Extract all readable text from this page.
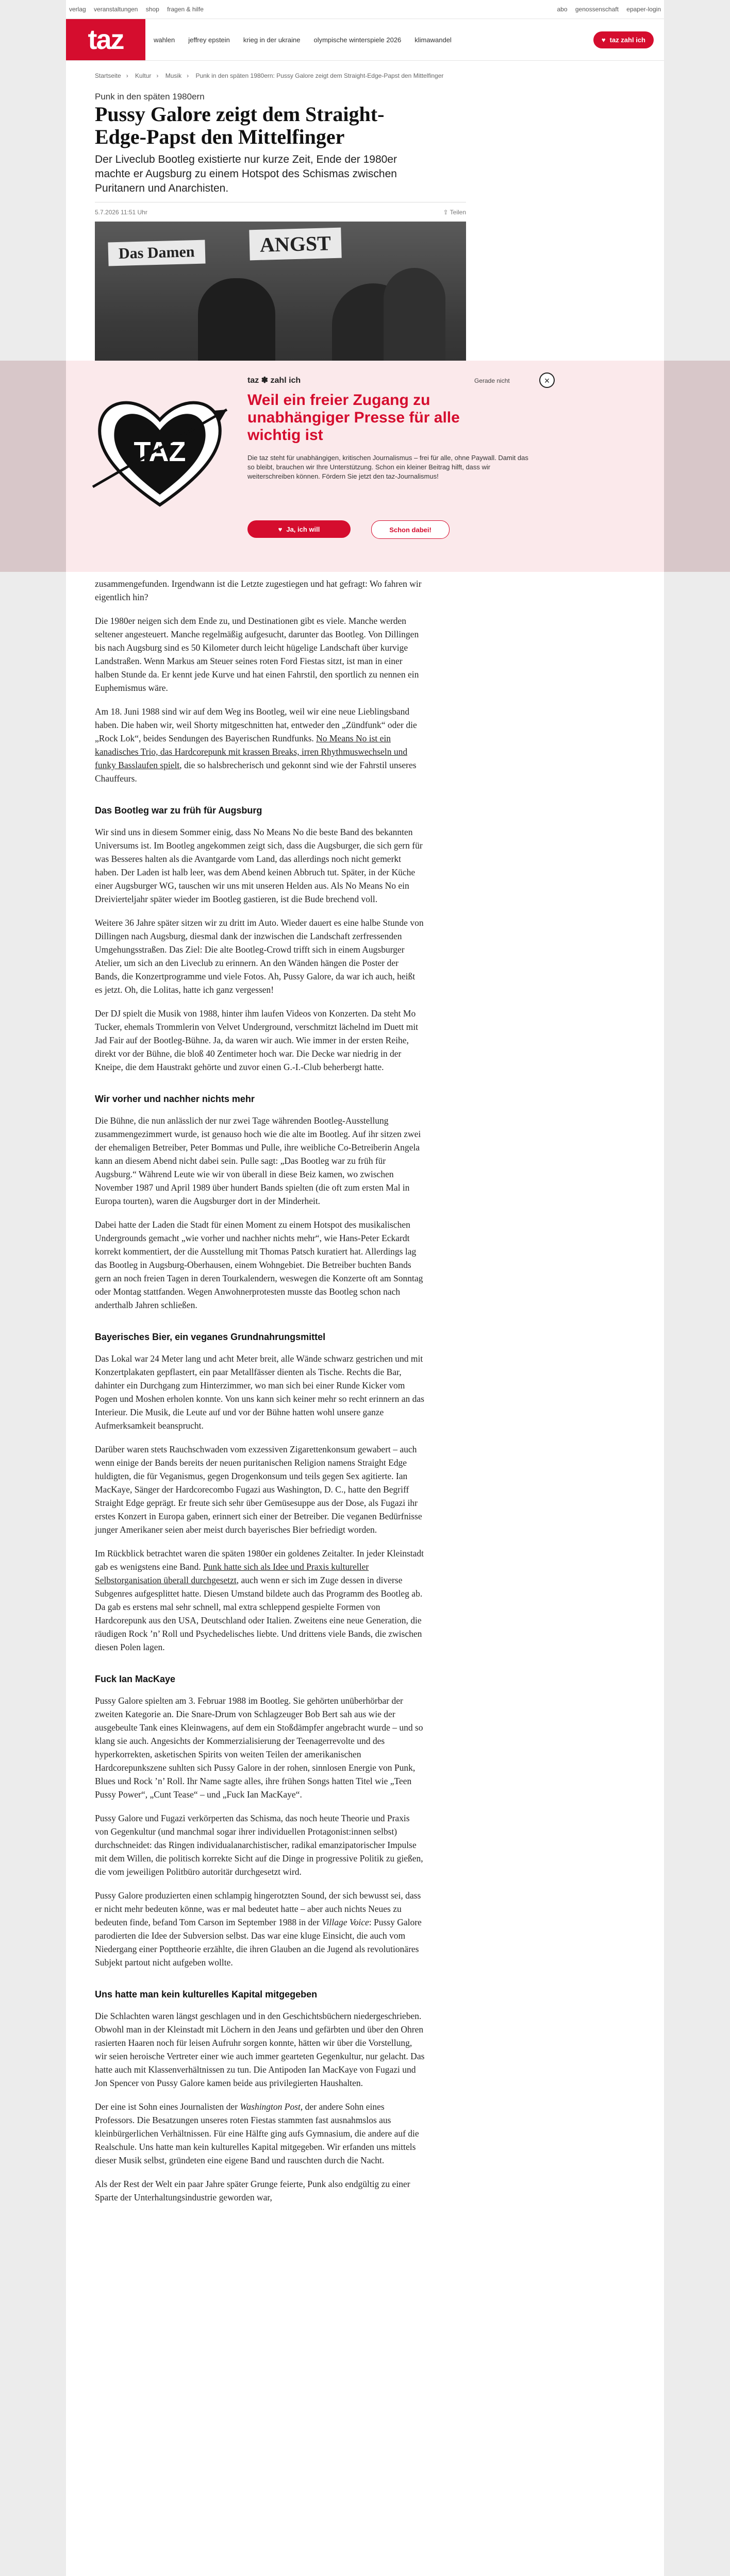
verlag veranstaltungen shop fragen & hilfe	abo genossenschaft epaper-login
taz	wahlen jeffrey epstein krieg in der ukraine olympische winterspiele 2026 klimawandel	♥ taz zahl ich
Startseite › Kultur › Musik › Punk in den späten 1980ern: Pussy Galore zeigt dem Straight-Edge-Papst den Mittelfinger
Punk in den späten 1980ern
Pussy Galore zeigt dem Straight-Edge-Papst den Mittelfinger
Der Liveclub Bootleg existierte nur kurze Zeit, Ende der 1980er machte er Augsburg zu einem Hotspot des Schismas zwischen Puritanern und Anarchisten.
5.7.2026 11:51 Uhr	⇪ Teilen
Das Damen	ANGST

zusammengefunden. Irgendwann ist die Letzte zugestiegen und hat gefragt: Wo fahren wir eigentlich hin?

Die 1980er neigen sich dem Ende zu, und Destinationen gibt es viele. Manche werden seltener angesteuert. Manche regelmäßig aufgesucht, darunter das Bootleg. Von Dillingen bis nach Augsburg sind es 50 Kilometer durch leicht hügelige Landschaft über kurvige Landstraßen. Wenn Markus am Steuer seines roten Ford Fiestas sitzt, ist man in einer halben Stunde da. Er kennt jede Kurve und hat einen Fahrstil, den sportlich zu nennen ein Euphemismus wäre.

Am 18. Juni 1988 sind wir auf dem Weg ins Bootleg, weil wir eine neue Lieblingsband haben. Die haben wir, weil Shorty mitgeschnitten hat, entweder den „Zündfunk“ oder die „Rock Lok“, beides Sendungen des Bayerischen Rundfunks. No Means No ist ein kanadisches Trio, das Hardcorepunk mit krassen Breaks, irren Rhythmuswechseln und funky Basslaufen spielt, die so halsbrecherisch und gekonnt sind wie der Fahrstil unseres Chauffeurs.

Das Bootleg war zu früh für Augsburg

Wir sind uns in diesem Sommer einig, dass No Means No die beste Band des bekannten Universums ist. Im Bootleg angekommen zeigt sich, dass die Augsburger, die sich gern für was Besseres halten als die Avantgarde vom Land, das allerdings noch nicht gemerkt haben. Der Laden ist halb leer, was dem Abend keinen Abbruch tut. Später, in der Küche einer Augsburger WG, tauschen wir uns mit unseren Helden aus. Als No Means No ein Dreivierteljahr später wieder im Bootleg gastieren, ist die Bude brechend voll.

Weitere 36 Jahre später sitzen wir zu dritt im Auto. Wieder dauert es eine halbe Stunde von Dillingen nach Augsburg, diesmal dank der inzwischen die Landschaft zerfressenden Umgehungsstraßen. Das Ziel: Die alte Bootleg-Crowd trifft sich in einem Augsburger Atelier, um sich an den Liveclub zu erinnern. An den Wänden hängen die Poster der Bands, die Konzertprogramme und viele Fotos. Ah, Pussy Galore, da war ich auch, heißt es jetzt. Oh, die Lolitas, hatte ich ganz vergessen!

Der DJ spielt die Musik von 1988, hinter ihm laufen Videos von Konzerten. Da steht Mo Tucker, ehemals Trommlerin von Velvet Underground, verschmitzt lächelnd im Duett mit Jad Fair auf der Bootleg-Bühne. Ja, da waren wir auch. Wie immer in der ersten Reihe, direkt vor der Bühne, die bloß 40 Zentimeter hoch war. Die Decke war niedrig in der Kneipe, die dem Haustrakt gehörte und zuvor einen G.-I.-Club beherbergt hatte.

Wir vorher und nachher nichts mehr

Die Bühne, die nun anlässlich der nur zwei Tage währenden Bootleg-Ausstellung zusammengezimmert wurde, ist genauso hoch wie die alte im Bootleg. Auf ihr sitzen zwei der ehemaligen Betreiber, Peter Bommas und Pulle, ihre weibliche Co-Betreiberin Angela kann an diesem Abend nicht dabei sein. Pulle sagt: „Das Bootleg war zu früh für Augsburg.“ Während Leute wie wir von überall in diese Beiz kamen, wo zwischen November 1987 und April 1989 über hundert Bands spielten (die oft zum ersten Mal in Europa tourten), waren die Augsburger dort in der Minderheit.

Dabei hatte der Laden die Stadt für einen Moment zu einem Hotspot des musikalischen Undergrounds gemacht „wie vorher und nachher nichts mehr“, wie Hans-Peter Eckardt korrekt kommentiert, der die Ausstellung mit Thomas Patsch kuratiert hat. Allerdings lag das Bootleg in Augsburg-Oberhausen, einem Wohngebiet. Die Betreiber buchten Bands gern an noch freien Tagen in deren Tourkalendern, weswegen die Konzerte oft am Sonntag oder Montag stattfanden. Wegen Anwohnerprotesten musste das Bootleg schon nach anderthalb Jahren schließen.

Bayerisches Bier, ein veganes Grundnahrungsmittel

Das Lokal war 24 Meter lang und acht Meter breit, alle Wände schwarz gestrichen und mit Konzertplakaten gepflastert, ein paar Metallfässer dienten als Tische. Rechts die Bar, dahinter ein Durchgang zum Hinterzimmer, wo man sich bei einer Runde Kicker vom Pogen und Moshen erholen konnte. Von uns kann sich keiner mehr so recht erinnern an das Interieur. Die Musik, die Leute auf und vor der Bühne hatten wohl unsere ganze Aufmerksamkeit beansprucht.

Darüber waren stets Rauchschwaden vom exzessiven Zigarettenkonsum gewabert – auch wenn einige der Bands bereits der neuen puritanischen Religion namens Straight Edge huldigten, die für Veganismus, gegen Drogenkonsum und teils gegen Sex agitierte. Ian MacKaye, Sänger der Hardcorecombo Fugazi aus Washington, D. C., hatte den Begriff Straight Edge geprägt. Er freute sich sehr über Gemüsesuppe aus der Dose, als Fugazi ihr erstes Konzert in Europa gaben, erinnert sich einer der Betreiber. Die veganen Bedürfnisse junger Amerikaner seien aber meist durch bayerisches Bier befriedigt worden.

Im Rückblick betrachtet waren die späten 1980er ein goldenes Zeitalter. In jeder Kleinstadt gab es wenigstens eine Band. Punk hatte sich als Idee und Praxis kultureller Selbstorganisation überall durchgesetzt, auch wenn er sich im Zuge dessen in diverse Subgenres aufgesplittet hatte. Diesen Umstand bildete auch das Programm des Bootleg ab. Da gab es erstens mal sehr schnell, mal extra schleppend gespielte Formen von Hardcorepunk aus den USA, Deutschland oder Italien. Zweitens eine neue Generation, die räudigen Rock ’n’ Roll und Psychedelisches liebte. Und drittens viele Bands, die zwischen diesen Polen lagen.

Fuck Ian MacKaye

Pussy Galore spielten am 3. Februar 1988 im Bootleg. Sie gehörten unüberhörbar der zweiten Kategorie an. Die Snare-Drum von Schlagzeuger Bob Bert sah aus wie der ausgebeulte Tank eines Kleinwagens, auf dem ein Stoßdämpfer angebracht wurde – und so klang sie auch. Angesichts der Kommerzialisierung der Teenagerrevolte und des hyperkorrekten, asketischen Spirits von weiten Teilen der amerikanischen Hardcorepunkszene suhlten sich Pussy Galore in der rohen, sinnlosen Energie von Punk, Blues und Rock ’n’ Roll. Ihr Name sagte alles, ihre frühen Songs hatten Titel wie „Teen Pussy Power“, „Cunt Tease“ – und „Fuck Ian MacKaye“.

Pussy Galore und Fugazi verkörperten das Schisma, das noch heute Theorie und Praxis von Gegenkultur (und manchmal sogar ihrer individuellen Protagonist:innen selbst) durchschneidet: das Ringen individualanarchistischer, radikal emanzipatorischer Impulse mit dem Willen, die politisch korrekte Sicht auf die Dinge in progressive Politik zu gießen, die vom jeweiligen Politbüro autoritär durchgesetzt wird.

Pussy Galore produzierten einen schlampig hingerotzten Sound, der sich bewusst sei, dass er nicht mehr bedeuten könne, was er mal bedeutet hatte – aber auch nichts Neues zu bedeuten finde, befand Tom Carson im September 1988 in der Village Voice: Pussy Galore parodierten die Idee der Subversion selbst. Das war eine kluge Einsicht, die auch vom Niedergang einer Popttheorie erzählte, die ihren Glauben an die Jugend als revolutionäres Subjekt partout nicht aufgeben wollte.

Uns hatte man kein kulturelles Kapital mitgegeben

Die Schlachten waren längst geschlagen und in den Geschichtsbüchern niedergeschrieben. Obwohl man in der Kleinstadt mit Löchern in den Jeans und gefärbten und über den Ohren rasierten Haaren noch für leisen Aufruhr sorgen konnte, hätten wir über die Vorstellung, wir seien heroische Vertreter einer wie auch immer gearteten Gegenkultur, nur gelacht. Das hatte auch mit Klassenverhältnissen zu tun. Die Antipoden Ian MacKaye von Fugazi und Jon Spencer von Pussy Galore kamen beide aus privilegierten Haushalten.

Der eine ist Sohn eines Journalisten der Washington Post, der andere Sohn eines Professors. Die Besatzungen unseres roten Fiestas stammten fast ausnahmslos aus kleinbürgerlichen Verhältnissen. Für eine Hälfte ging aufs Gymnasium, die andere auf die Realschule. Uns hatte man kein kulturelles Kapital mitgegeben. Wir erfanden uns mittels dieser Musik selbst, gründeten eine eigene Band und rauschten durch die Nacht.

Als der Rest der Welt ein paar Jahre später Grunge feierte, Punk also endgültig zu einer Sparte der Unterhaltungsindustrie geworden war,

TAZ
taz ✽ zahl ich
Weil ein freier Zugang zu unabhängiger Presse für alle wichtig ist
Die taz steht für unabhängigen, kritischen Journalismus – frei für alle, ohne Paywall. Damit das so bleibt, brauchen wir Ihre Unterstützung. Schon ein kleiner Beitrag hilft, dass wir weiterschreiben können. Fördern Sie jetzt den taz-Journalismus!
♥ Ja, ich will	Schon dabei!
Gerade nicht	×
